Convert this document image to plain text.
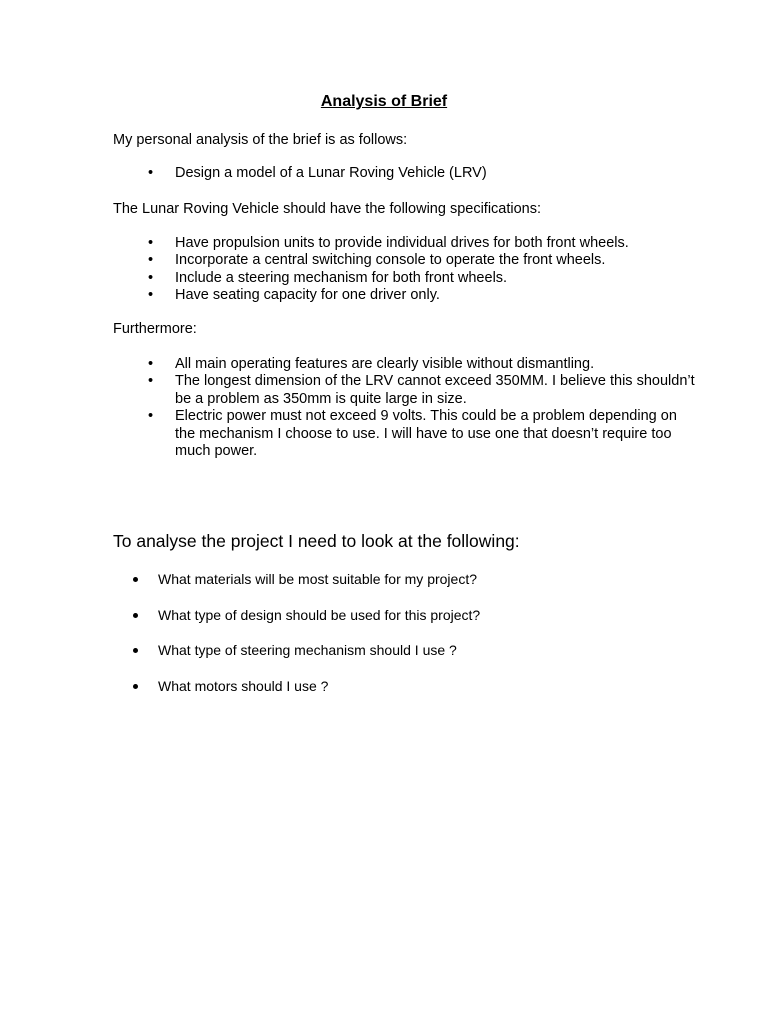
Analysis of Brief

My personal analysis of the brief is as follows:

• Design a model of a Lunar Roving Vehicle (LRV)

The Lunar Roving Vehicle should have the following specifications:

• Have propulsion units to provide individual drives for both front wheels.
• Incorporate a central switching console to operate the front wheels.
• Include a steering mechanism for both front wheels.
• Have seating capacity for one driver only.

Furthermore:

• All main operating features are clearly visible without dismantling.
• The longest dimension of the LRV cannot exceed 350MM. I believe this shouldn’t be a problem as 350mm is quite large in size.
• Electric power must not exceed 9 volts. This could be a problem depending on the mechanism I choose to use. I will have to use one that doesn’t require too much power.
To analyse the project I need to look at the following:
What materials will be most suitable for my project?
What type of design should be used for this project?
What type of steering mechanism should I use ?
What motors should I use ?
